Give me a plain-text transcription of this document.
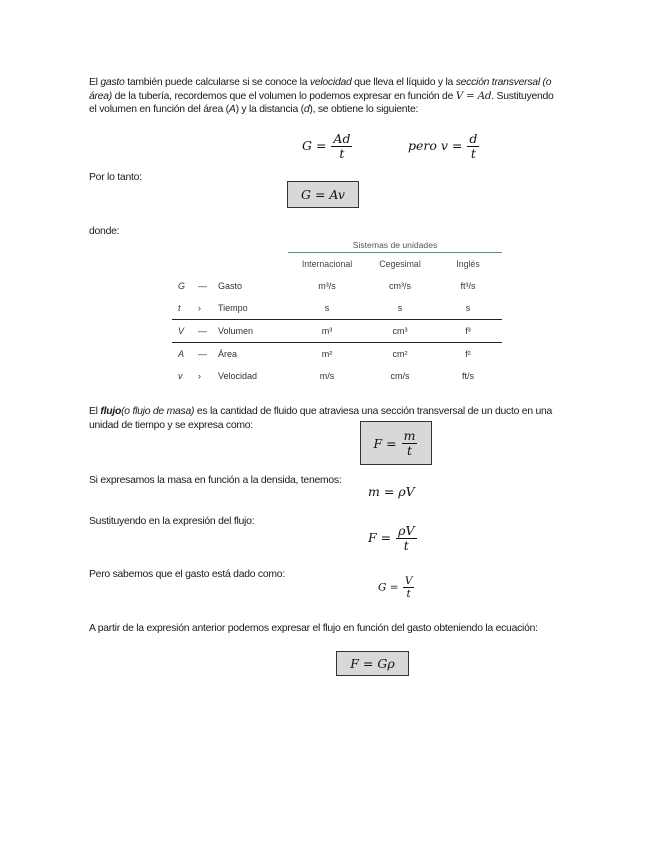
El gasto también puede calcularse si se conoce la velocidad que lleva el líquido y la sección transversal (o área) de la tubería, recordemos que el volumen lo podemos expresar en función de V = Ad. Sustituyendo el volumen en función del área (A) y la distancia (d), se obtiene lo siguiente:
$G = \frac{Ad}{t}$	pero $v = \frac{d}{t}$
Por lo tanto:
G = Av
donde:
			Sistemas de unidades		
			Internacional	Cegesimal	Inglés
G	—	Gasto	m³/s	cm³/s	ft³/s
t	›	Tiempo	s	s	s
V	—	Volumen	m³	cm³	f³
A	—	Área	m²	cm²	f²
v	›	Velocidad	m/s	cm/s	ft/s
El flujo(o flujo de masa) es la cantidad de fluido que atraviesa una sección transversal de un ducto en una unidad de tiempo y se expresa como:
F =
$\frac{m}{t}$
Si expresamos la masa en función a la densida, tenemos:
m = ρV
Sustituyendo en la expresión del flujo:
$F = \frac{\rho V}{t}$
Pero sabemos que el gasto está dado como:
$G = \frac{V}{t}$
A partir de la expresión anterior podemos expresar el flujo en función del gasto obteniendo la ecuación:
F = Gρ
